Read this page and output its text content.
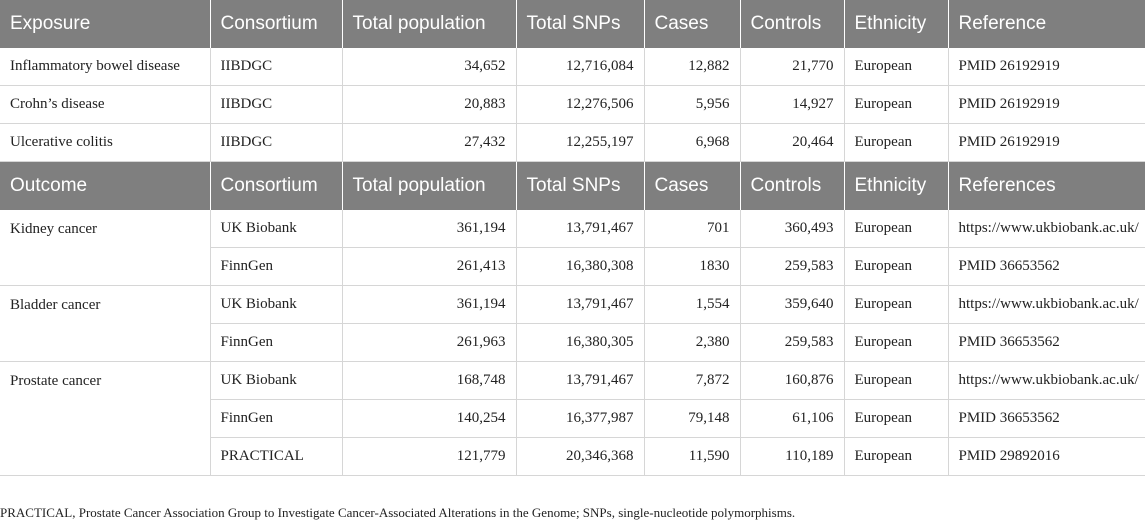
Exposure	Consortium	Total population	Total SNPs	Cases	Controls	Ethnicity	Reference
Inflammatory bowel disease	IIBDGC	34,652	12,716,084	12,882	21,770	European	PMID 26192919
Crohn’s disease	IIBDGC	20,883	12,276,506	5,956	14,927	European	PMID 26192919
Ulcerative colitis	IIBDGC	27,432	12,255,197	6,968	20,464	European	PMID 26192919
Outcome	Consortium	Total population	Total SNPs	Cases	Controls	Ethnicity	References
Kidney cancer	UK Biobank	361,194	13,791,467	701	360,493	European	https://www.ukbiobank.ac.uk/
	FinnGen	261,413	16,380,308	1830	259,583	European	PMID 36653562
Bladder cancer	UK Biobank	361,194	13,791,467	1,554	359,640	European	https://www.ukbiobank.ac.uk/
	FinnGen	261,963	16,380,305	2,380	259,583	European	PMID 36653562
Prostate cancer	UK Biobank	168,748	13,791,467	7,872	160,876	European	https://www.ukbiobank.ac.uk/
	FinnGen	140,254	16,377,987	79,148	61,106	European	PMID 36653562
	PRACTICAL	121,779	20,346,368	11,590	110,189	European	PMID 29892016
PRACTICAL, Prostate Cancer Association Group to Investigate Cancer-Associated Alterations in the Genome; SNPs, single-nucleotide polymorphisms.
